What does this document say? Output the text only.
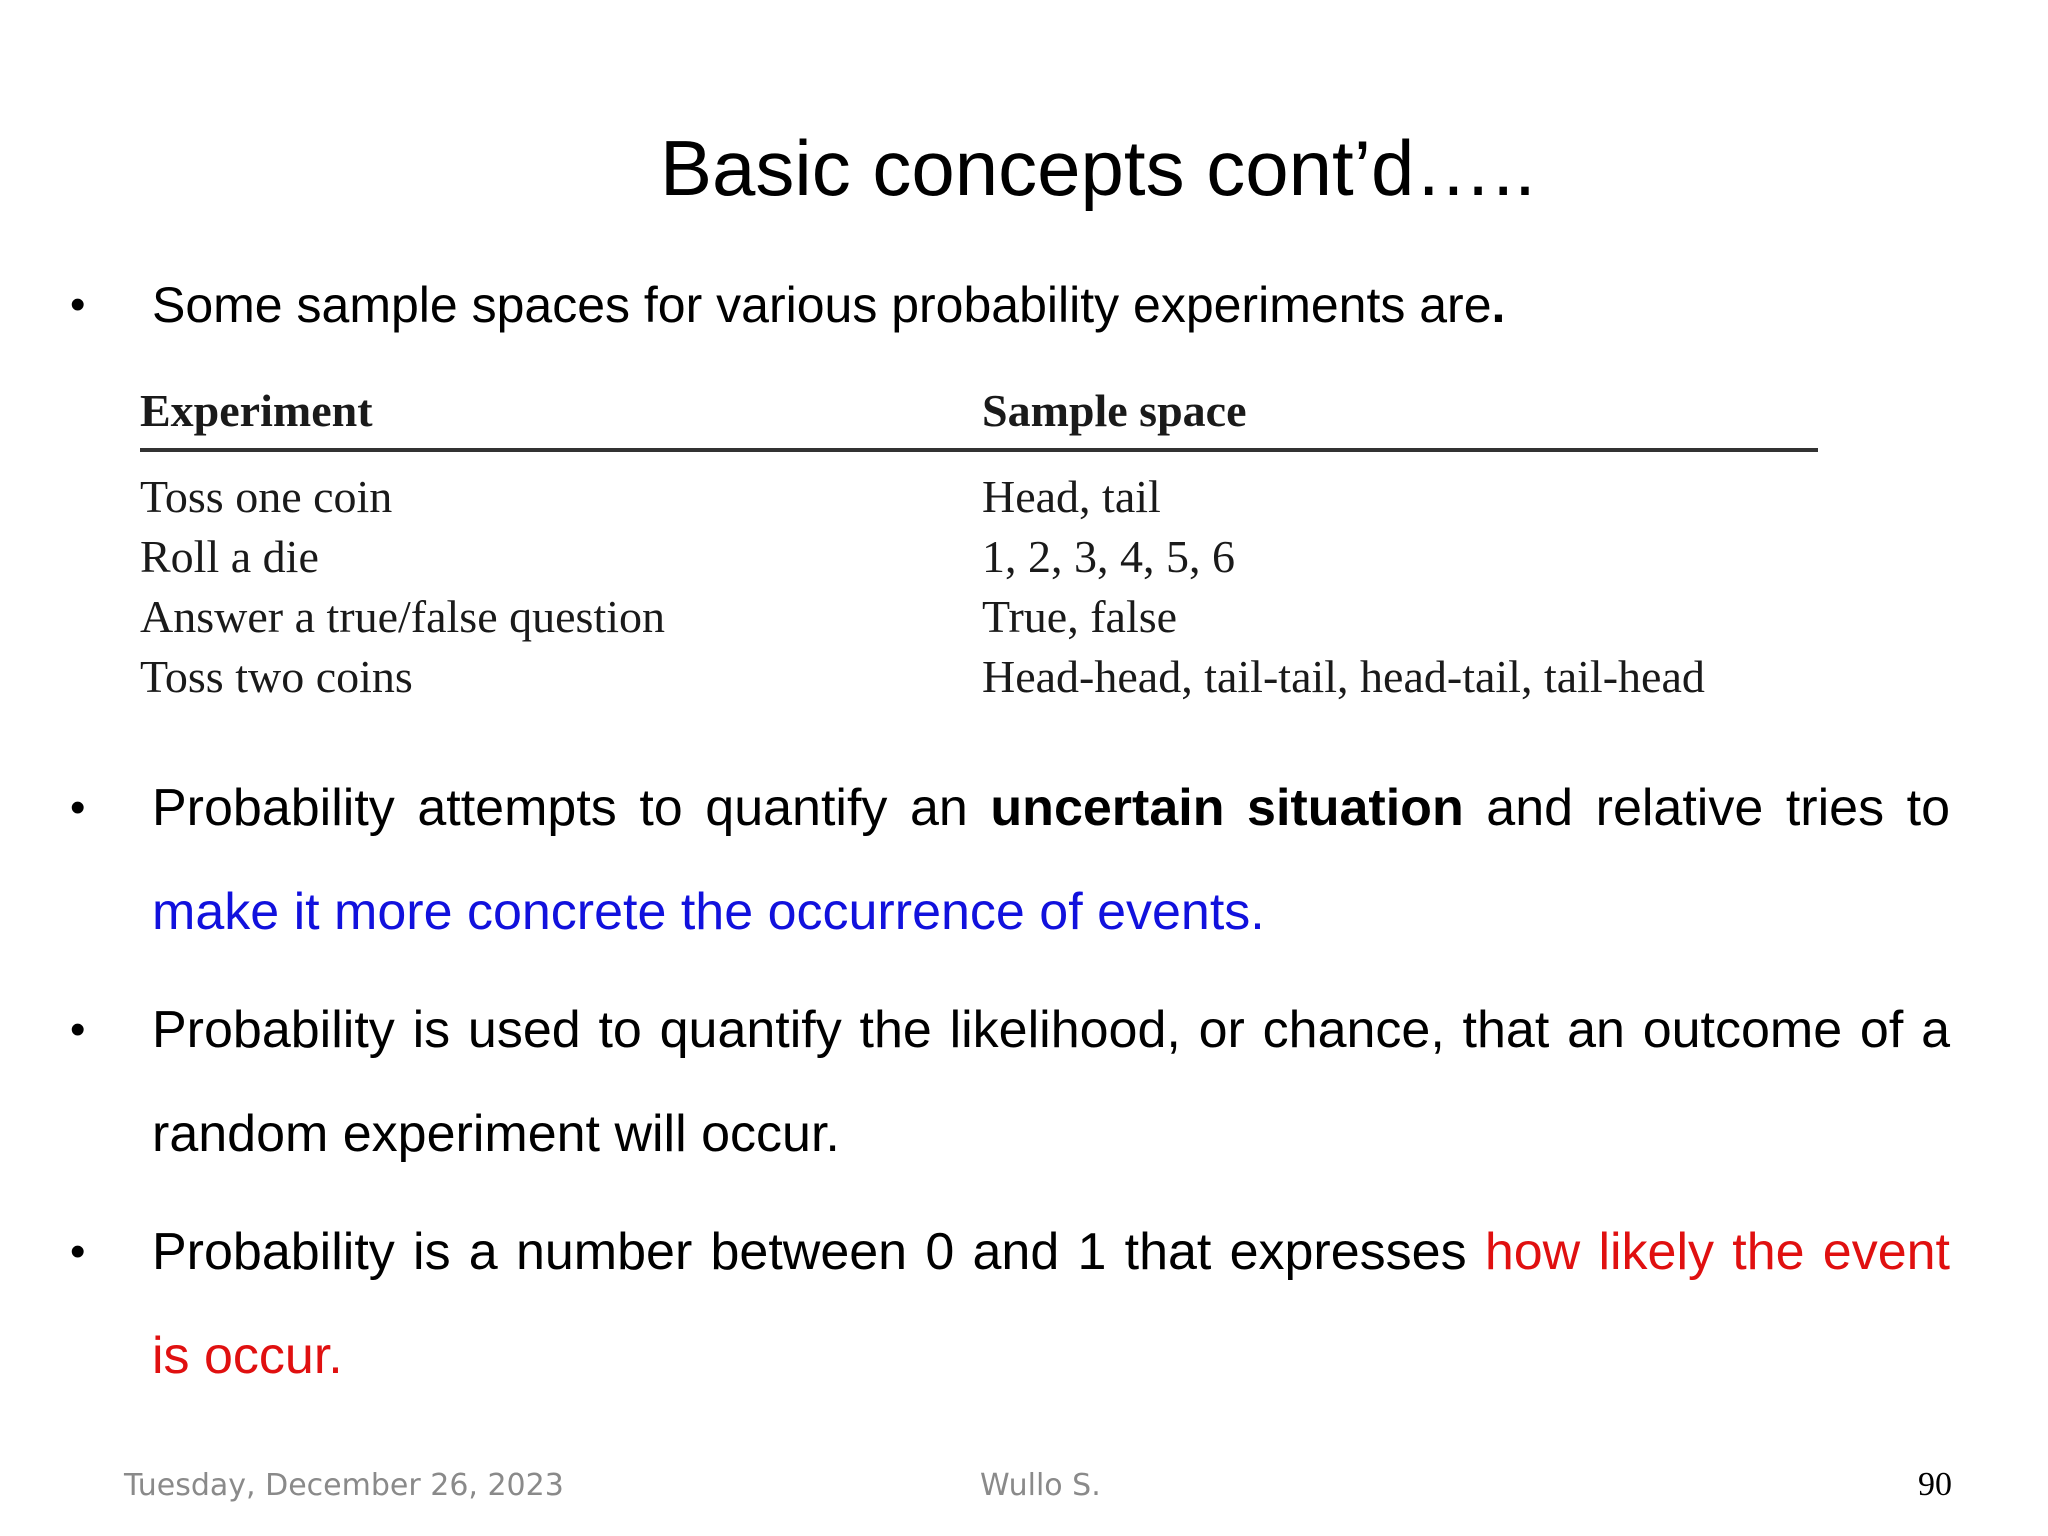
Basic concepts cont’d…..
•	Some sample spaces for various probability experiments are.
Experiment	Sample space
Toss one coin	Head, tail
Roll a die	1, 2, 3, 4, 5, 6
Answer a true/false question	True, false
Toss two coins	Head-head, tail-tail, head-tail, tail-head
•	Probability attempts to quantify an uncertain situation and relative tries to make it more concrete the occurrence of events.
•	Probability is used to quantify the likelihood, or chance, that an outcome of a random experiment will occur.
•	Probability is a number between 0 and 1 that expresses how likely the event is occur.
Tuesday, December 26, 2023	Wullo S.	90
